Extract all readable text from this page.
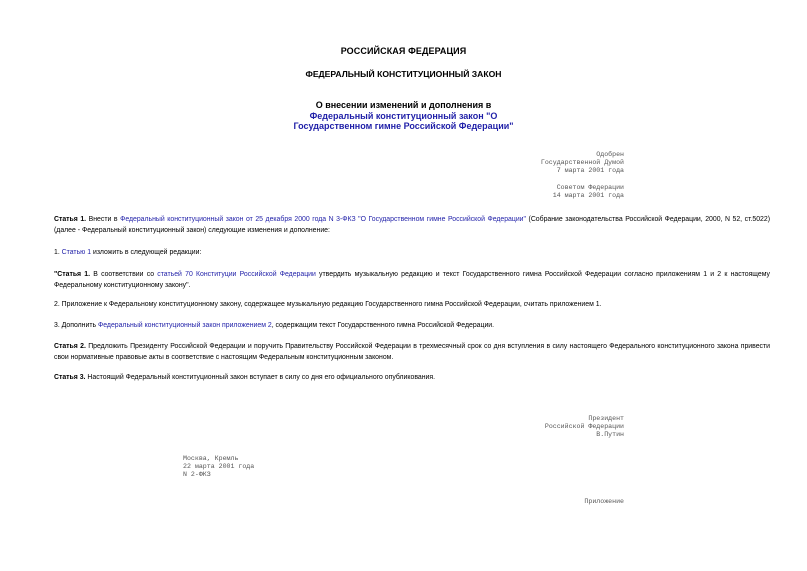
РОССИЙСКАЯ ФЕДЕРАЦИЯ
ФЕДЕРАЛЬНЫЙ КОНСТИТУЦИОННЫЙ ЗАКОН
О внесении изменений и дополнения в
Федеральный конституционный закон "О Государственном гимне Российской Федерации"
Одобрен
Государственной Думой
7 марта 2001 года

Советом Федерации
14 марта 2001 года
Статья 1. Внести в Федеральный конституционный закон от 25 декабря 2000 года N 3-ФКЗ "О Государственном гимне Российской Федерации" (Собрание законодательства Российской Федерации, 2000, N 52, ст.5022) (далее - Федеральный конституционный закон) следующие изменения и дополнение:
1. Статью 1 изложить в следующей редакции:
"Статья 1. В соответствии со статьей 70 Конституции Российской Федерации утвердить музыкальную редакцию и текст Государственного гимна Российской Федерации согласно приложениям 1 и 2 к настоящему Федеральному конституционному закону".
2. Приложение к Федеральному конституционному закону, содержащее музыкальную редакцию Государственного гимна Российской Федерации, считать приложением 1.
3. Дополнить Федеральный конституционный закон приложением 2, содержащим текст Государственного гимна Российской Федерации.
Статья 2. Предложить Президенту Российской Федерации и поручить Правительству Российской Федерации в трехмесячный срок со дня вступления в силу настоящего Федерального конституционного закона привести свои нормативные правовые акты в соответствие с настоящим Федеральным конституционным законом.
Статья 3. Настоящий Федеральный конституционный закон вступает в силу со дня его официального опубликования.
Президент
Российской Федерации
В.Путин
Москва, Кремль
22 марта 2001 года
N 2-ФКЗ
Приложение
